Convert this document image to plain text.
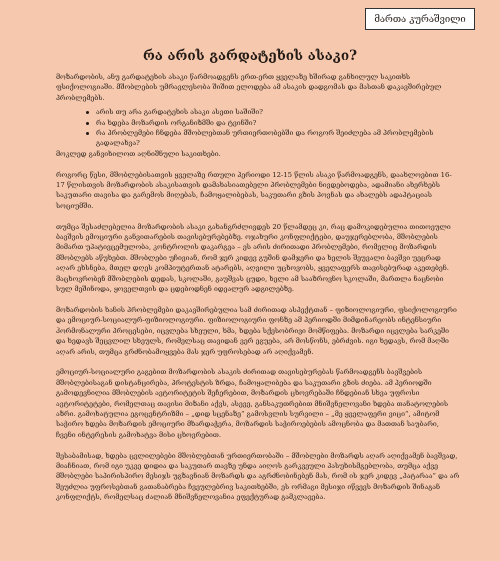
მართა კურაშვილი
რა არის გარდატეხის ასაკი?

მოზარდობის, ანუ გარდატეხის ასაკი წარმოადგენს ერთ-ერთ ყველაზე ხშირად განხილულ საკითხს ფსიქოლოგიაში. მშობლების უმრავლესობა შიშით ელოდება ამ ასაკის დადგომას და მასთან დაკავშირებულ პრობლემებს.

არის თუ არა გარდატეხის ასაკი ასეთი საშიში?
რა ხდება მოზარდის ორგანიზმში და ტვინში?
რა პრობლემები ჩნდება მშობლებთან ურთიერთობებში და როგორ შეიძლება ამ პრობლემების გადალახვა?

მოკლედ განვიხილოთ აღნიშნული საკითხები.

როგორც წესი, მშობლებისათვის ყველაზე რთული პერიოდი 12-15 წლის ასაკი წარმოადგენს, დაახლოებით 16-17 წლისთვის მოზარდობის ასაკისათვის დამახასიათებელი პრობლემები ნივდებოდება, ადამიანი ახერხებს საკუთარი თავისა და გარემოს მიღებას, ჩამოყალიბებას, საკუთარი გზის პოვნას და ახალებს ადაპტაციას სოციუმში.

თუმცა შესაძლებელია მოზარდობის ასაკი გახანგრძლივდეს 20 წლამდეც კი, რაც დამოკიდებულია თითოეული ბავშვის ემოციური განვითარების თავისებურებებზე. ოჯახური კონფლიქტები, დაუჯერებლობა, მშობლების მიმართ უპატივცემულობა, კონტროლის დაკარგვა – ეს არის ძირითადი პრობლემები, რომელიც მოზარდის მშობლებს აწუხებთ. მშობლები უჩივიან, რომ ჯერ კიდევ გუშინ დამჯერი და ხელის შეუვალი ბავშვი უეცრად აღარ ეხსნება, მთელ დღეს კომპიუტერთან ატარებს, აღვილი უცხოვობს, ყველაფერს თავისებურად აკეთებენ. მაცხოვრობენ მშობლების დედას, სკოლაში, გაუშვას ცუდი, ხელი ამ სააზროვნო სკოლაში, მართლა ნაცნობი სულ მეშინოდა, ყოველთვის და ცდებოდნენ იდეალურ ადგილებზე.

მოზარდობის ხანის პრობლემები დაკავშირებულია სამ ძირითად ასპექტთან – ფიზიოლოგიური, ფსიქოლოგიური და ემოციურ-სოციალურ-ფიზიოლოგიური. ფიზიოლოგიური ფონზე ამ პერიოდში მიმდინარეობს ინტენსიური ჰორმონალური პროცესები, იცვლება სხეული, ხმა, ხდება სქესობრივი მომწიფება. მოზარდი იცვლება სარკეში და ხედავს შეცვლილ სხეულს, რომელსაც თავიდან ვერ ეგუება, არ მოსწონს, ებრძვის. იგი ხედავს, რომ მაღში აღარ არის, თუმცა გრძნობამოყვება მას ჯერ უფროსებად არ აღიქვამენ.

ემოციურ-სოციალური გაგებით მოზარდობის ასაკის ძირითად თავისებურებას წარმოადგენს ბავშვების მშობლებისაგან დისტანცირება, პროტესტის ზრდა, ჩამოყალიბება და საკუთარი გზის ძიება. ამ პერიოდში გამოდევნილია მშობლების ავტორიტეტის შეჩერებით, მოზარდის ცხოვრებაში ჩნდებიან სხვა უფროსი ავტორიტეტები, რომელთაც თავისი მიზანი აქვს, ასევე, განსაკუთრებით მნიშვნელოვანი ხდება თანატოლების აზრი. გამოხატულია ეგოცენტრიზმი – „დიდ სცენაზე“ გამოსვლის სურვილი – „მე ყველაფერი ვიცი“, ამიტომ საჭირო ხდება მოზარდის ემოციური მხარდაჭერა, მოზარდის საჭიროებების ამოცნობა და მათთან საუბარი, ჩვენი ინტერესის გამოხატვა მისი ცხოვრებით.

შესაბამისად, ხდება ცვლილებები მშობლებთან ურთიერთობაში – მშობლები მოზარდს აღარ აღიქვამენ ბავშვად, მიაჩნიათ, რომ იგი უკვე დიდია და საკუთარ თავზე უნდა აიღოს გარკვეული პასუხისმგებლობა, თუმცა აქვე მშობლები საპირისპირო მესიჯს უგზავნიან მოზარდს და აგრძნობინებენ მას, რომ ის ჯერ კიდევ „პატარაა“ და არ შეუძლია უფროსებთან გათანაბრება ჩვეულებრივ საკითხებში, ეს ორმაგი მესიჯი იწვევს მოზარდის შინაგან კონფლიქტს, რომელსაც ძალიან მნიშვნელოვანია ეფექტურად გამკლავება.
